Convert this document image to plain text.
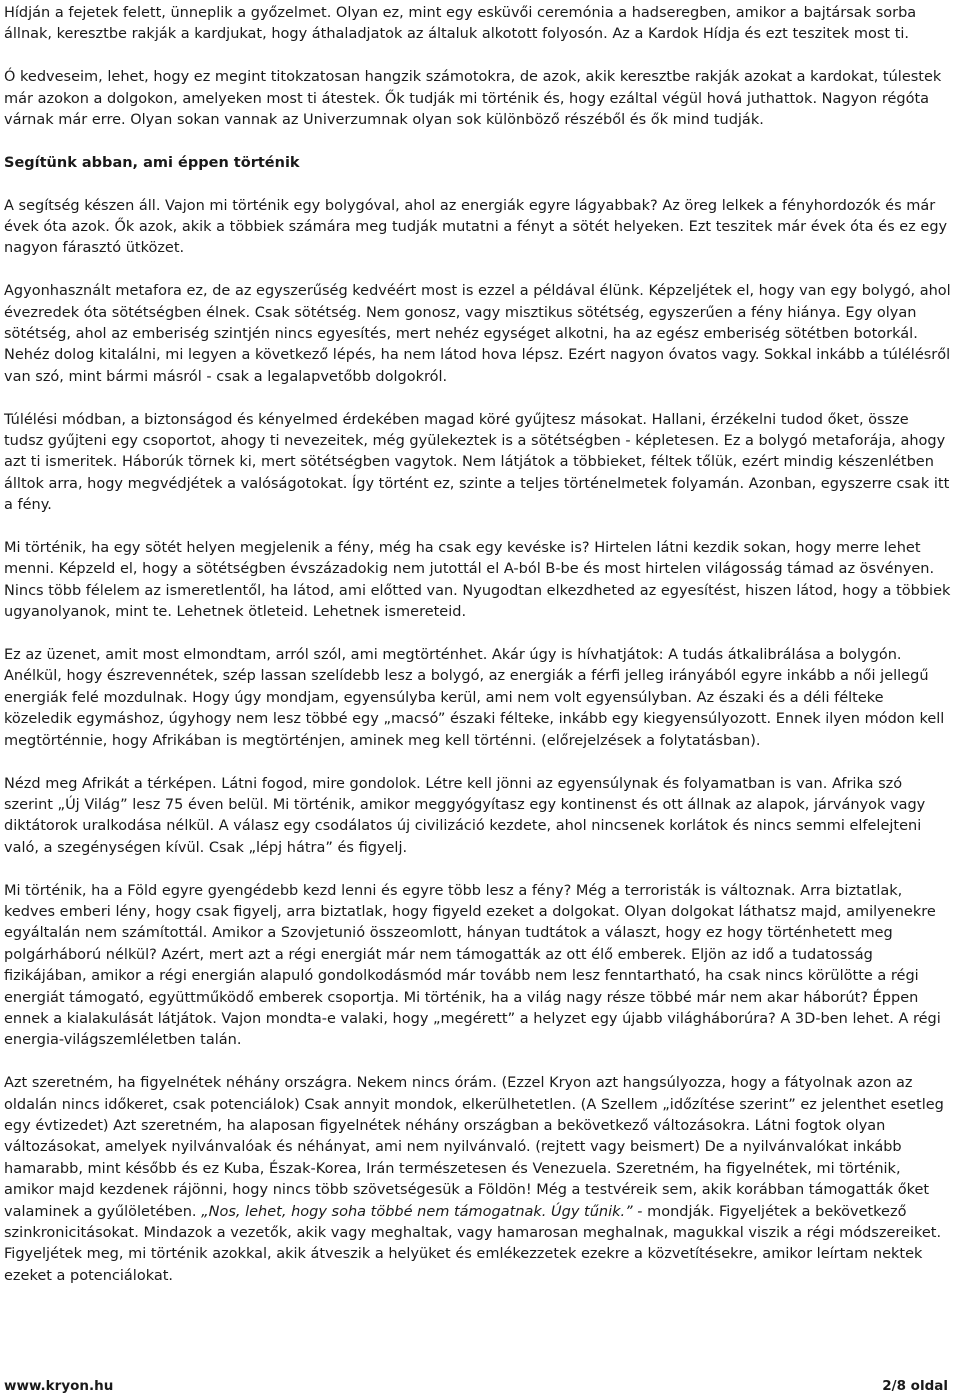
Hídján a fejetek felett, ünneplik a győzelmet. Olyan ez, mint egy esküvői ceremónia a hadseregben, amikor a bajtársak sorba állnak, keresztbe rakják a kardjukat, hogy áthaladjatok az általuk alkotott folyosón. Az a Kardok Hídja és ezt teszitek most ti.

Ó kedveseim, lehet, hogy ez megint titokzatosan hangzik számotokra, de azok, akik keresztbe rakják azokat a kardokat, túlestek már azokon a dolgokon, amelyeken most ti átestek. Ők tudják mi történik és, hogy ezáltal végül hová juthattok. Nagyon régóta várnak már erre. Olyan sokan vannak az Univerzumnak olyan sok különböző részéből és ők mind tudják.

Segítünk abban, ami éppen történik

A segítség készen áll. Vajon mi történik egy bolygóval, ahol az energiák egyre lágyabbak? Az öreg lelkek a fényhordozók és már évek óta azok. Ők azok, akik a többiek számára meg tudják mutatni a fényt a sötét helyeken. Ezt teszitek már évek óta és ez egy nagyon fárasztó ütközet.

Agyonhasznált metafora ez, de az egyszerűség kedvéért most is ezzel a példával élünk. Képzeljétek el, hogy van egy bolygó, ahol évezredek óta sötétségben élnek. Csak sötétség. Nem gonosz, vagy misztikus sötétség, egyszerűen a fény hiánya. Egy olyan sötétség, ahol az emberiség szintjén nincs egyesítés, mert nehéz egységet alkotni, ha az egész emberiség sötétben botorkál. Nehéz dolog kitalálni, mi legyen a következő lépés, ha nem látod hova lépsz. Ezért nagyon óvatos vagy. Sokkal inkább a túlélésről van szó, mint bármi másról - csak a legalapvetőbb dolgokról.

Túlélési módban, a biztonságod és kényelmed érdekében magad köré gyűjtesz másokat. Hallani, érzékelni tudod őket, össze tudsz gyűjteni egy csoportot, ahogy ti nevezeitek, még gyülekeztek is a sötétségben - képletesen. Ez a bolygó metaforája, ahogy azt ti ismeritek. Háborúk törnek ki, mert sötétségben vagytok. Nem látjátok a többieket, féltek tőlük, ezért mindig készenlétben álltok arra, hogy megvédjétek a valóságotokat. Így történt ez, szinte a teljes történelmetek folyamán. Azonban, egyszerre csak itt a fény.

Mi történik, ha egy sötét helyen megjelenik a fény, még ha csak egy kevéske is? Hirtelen látni kezdik sokan, hogy merre lehet menni. Képzeld el, hogy a sötétségben évszázadokig nem jutottál el A-ból B-be és most hirtelen világosság támad az ösvényen. Nincs több félelem az ismeretlentől, ha látod, ami előtted van. Nyugodtan elkezdheted az egyesítést, hiszen látod, hogy a többiek ugyanolyanok, mint te. Lehetnek ötleteid. Lehetnek ismereteid.

Ez az üzenet, amit most elmondtam, arról szól, ami megtörténhet. Akár úgy is hívhatjátok: A tudás átkalibrálása a bolygón. Anélkül, hogy észrevennétek, szép lassan szelídebb lesz a bolygó, az energiák a férfi jelleg irányából egyre inkább a női jellegű energiák felé mozdulnak. Hogy úgy mondjam, egyensúlyba kerül, ami nem volt egyensúlyban. Az északi és a déli félteke közeledik egymáshoz, úgyhogy nem lesz többé egy „macsó” északi félteke, inkább egy kiegyensúlyozott. Ennek ilyen módon kell megtörténnie, hogy Afrikában is megtörténjen, aminek meg kell történni. (előrejelzések a folytatásban).

Nézd meg Afrikát a térképen. Látni fogod, mire gondolok. Létre kell jönni az egyensúlynak és folyamatban is van. Afrika szó szerint „Új Világ” lesz 75 éven belül. Mi történik, amikor meggyógyítasz egy kontinenst és ott állnak az alapok, járványok vagy diktátorok uralkodása nélkül. A válasz egy csodálatos új civilizáció kezdete, ahol nincsenek korlátok és nincs semmi elfelejteni való, a szegénységen kívül. Csak „lépj hátra” és figyelj.

Mi történik, ha a Föld egyre gyengédebb kezd lenni és egyre több lesz a fény? Még a terroristák is változnak. Arra biztatlak, kedves emberi lény, hogy csak figyelj, arra biztatlak, hogy figyeld ezeket a dolgokat. Olyan dolgokat láthatsz majd, amilyenekre egyáltalán nem számítottál. Amikor a Szovjetunió összeomlott, hányan tudtátok a választ, hogy ez hogy történhetett meg polgárháború nélkül? Azért, mert azt a régi energiát már nem támogatták az ott élő emberek. Eljön az idő a tudatosság fizikájában, amikor a régi energián alapuló gondolkodásmód már tovább nem lesz fenntartható, ha csak nincs körülötte a régi energiát támogató, együttműködő emberek csoportja. Mi történik, ha a világ nagy része többé már nem akar háborút? Éppen ennek a kialakulását látjátok. Vajon mondta-e valaki, hogy „megérett” a helyzet egy újabb világháborúra? A 3D-ben lehet. A régi energia-világszemléletben talán.

Azt szeretném, ha figyelnétek néhány országra. Nekem nincs órám. (Ezzel Kryon azt hangsúlyozza, hogy a fátyolnak azon az oldalán nincs időkeret, csak potenciálok) Csak annyit mondok, elkerülhetetlen. (A Szellem „időzítése szerint” ez jelenthet esetleg egy évtizedet) Azt szeretném, ha alaposan figyelnétek néhány országban a bekövetkező változásokra. Látni fogtok olyan változásokat, amelyek nyilvánvalóak és néhányat, ami nem nyilvánvaló. (rejtett vagy beismert) De a nyilvánvalókat inkább hamarabb, mint később és ez Kuba, Észak-Korea, Irán természetesen és Venezuela. Szeretném, ha figyelnétek, mi történik, amikor majd kezdenek rájönni, hogy nincs több szövetségesük a Földön! Még a testvéreik sem, akik korábban támogatták őket valaminek a gyűlöletében. „Nos, lehet, hogy soha többé nem támogatnak. Úgy tűnik.” - mondják. Figyeljétek a bekövetkező szinkronicitásokat. Mindazok a vezetők, akik vagy meghaltak, vagy hamarosan meghalnak, magukkal viszik a régi módszereiket. Figyeljétek meg, mi történik azokkal, akik átveszik a helyüket és emlékezzetek ezekre a közvetítésekre, amikor leírtam nektek ezeket a potenciálokat.

www.kryon.hu	2/8 oldal
